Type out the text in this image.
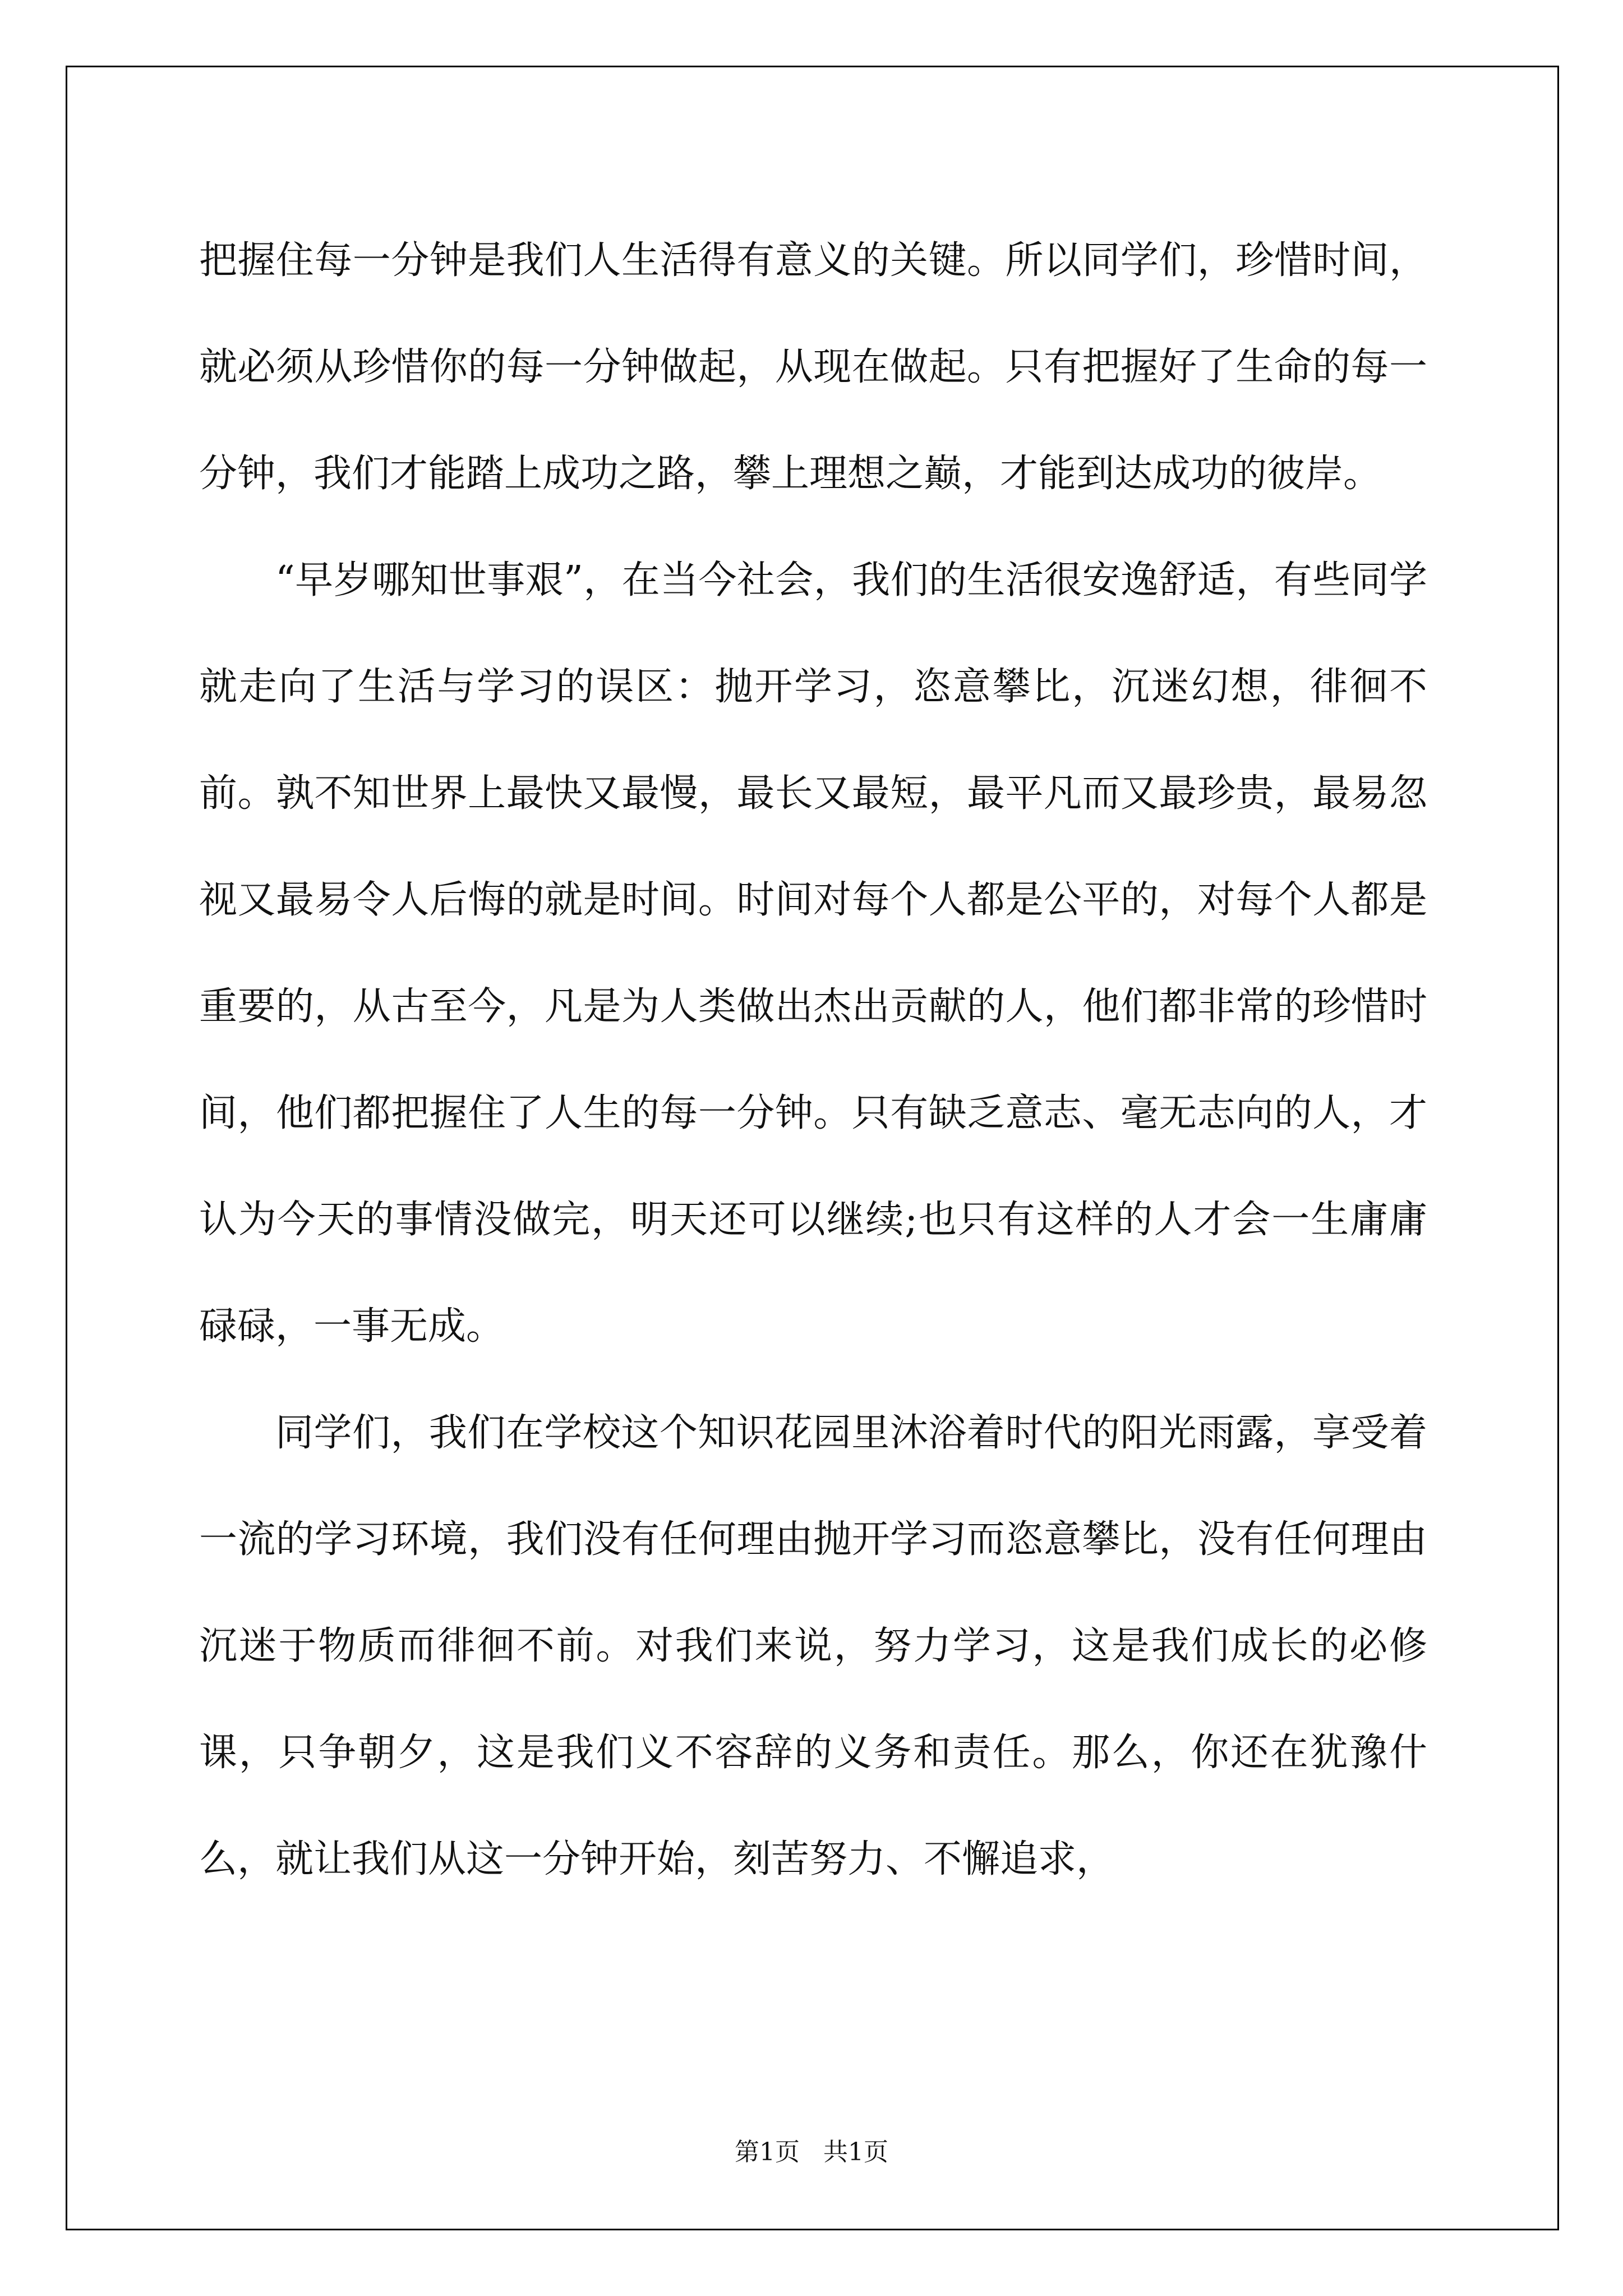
把握住每一分钟是我们人生活得有意义的关键。所以同学们，珍惜时间，就必须从珍惜你的每一分钟做起，从现在做起。只有把握好了生命的每一分钟，我们才能踏上成功之路，攀上理想之巅，才能到达成功的彼岸。

“早岁哪知世事艰”，在当今社会，我们的生活很安逸舒适，有些同学就走向了生活与学习的误区：抛开学习，恣意攀比，沉迷幻想，徘徊不前。孰不知世界上最快又最慢，最长又最短，最平凡而又最珍贵，最易忽视又最易令人后悔的就是时间。时间对每个人都是公平的，对每个人都是重要的，从古至今，凡是为人类做出杰出贡献的人，他们都非常的珍惜时间，他们都把握住了人生的每一分钟。只有缺乏意志、毫无志向的人，才认为今天的事情没做完，明天还可以继续;也只有这样的人才会一生庸庸碌碌，一事无成。

同学们，我们在学校这个知识花园里沐浴着时代的阳光雨露，享受着一流的学习环境，我们没有任何理由抛开学习而恣意攀比，没有任何理由沉迷于物质而徘徊不前。对我们来说，努力学习，这是我们成长的必修课，只争朝夕，这是我们义不容辞的义务和责任。那么，你还在犹豫什么，就让我们从这一分钟开始，刻苦努力、不懈追求，

第1页   共1页
